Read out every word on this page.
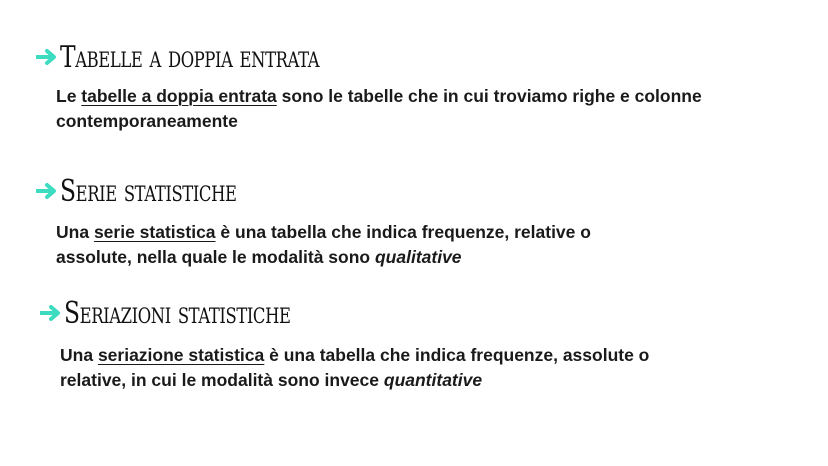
Tabelle a doppia entrata
Le tabelle a doppia entrata sono le tabelle che in cui troviamo righe e colonne
contemporaneamente
Serie statistiche
Una serie statistica è una tabella che indica frequenze, relative o
assolute, nella quale le modalità sono qualitative
Seriazioni statistiche
Una seriazione statistica è una tabella che indica frequenze, assolute o
relative, in cui le modalità sono invece quantitative
